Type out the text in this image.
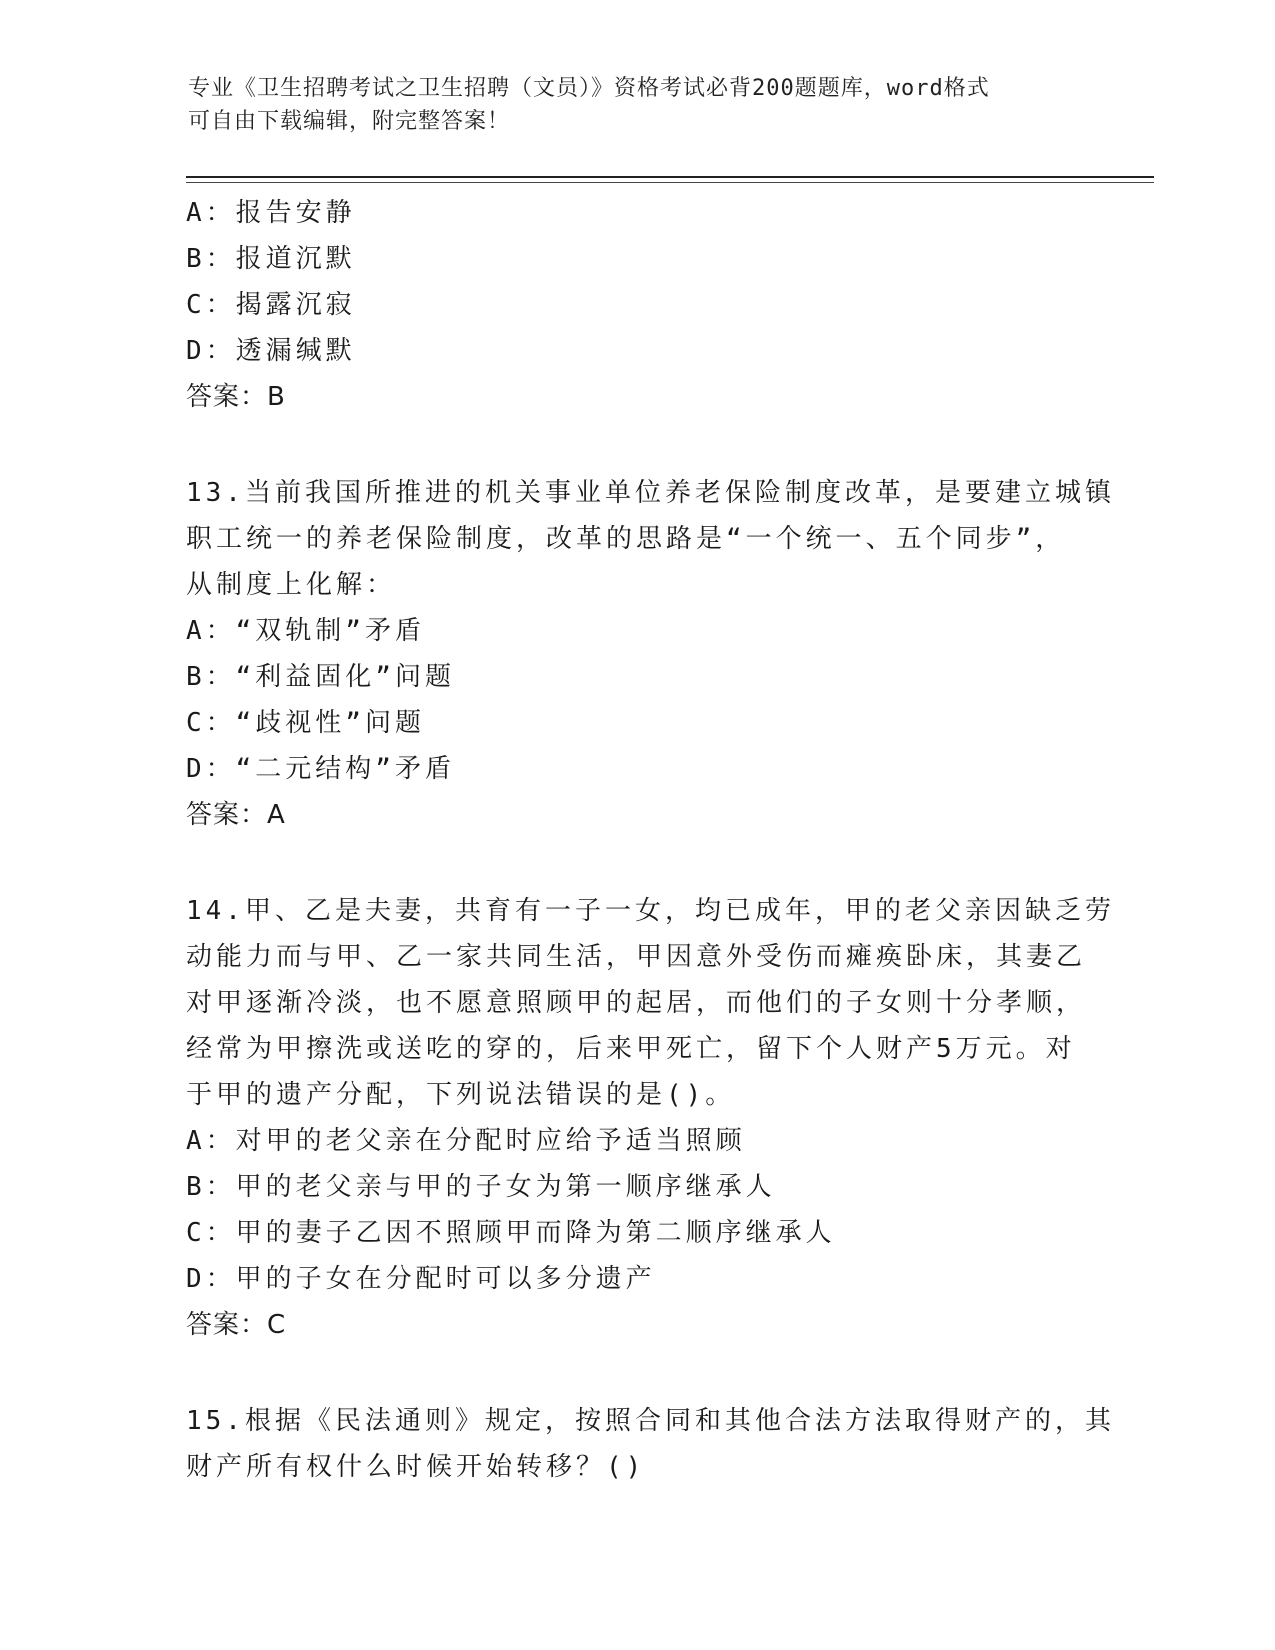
专业《卫生招聘考试之卫生招聘（文员）》资格考试必背200题题库，word格式
可自由下载编辑，附完整答案！
A：报告安静
B：报道沉默
C：揭露沉寂
D：透漏缄默
答案：B
13.当前我国所推进的机关事业单位养老保险制度改革，是要建立城镇
职工统一的养老保险制度，改革的思路是“一个统一、五个同步”，
从制度上化解：
A：“双轨制”矛盾
B：“利益固化”问题
C：“歧视性”问题
D：“二元结构”矛盾
答案：A
14.甲、乙是夫妻，共育有一子一女，均已成年，甲的老父亲因缺乏劳
动能力而与甲、乙一家共同生活，甲因意外受伤而瘫痪卧床，其妻乙
对甲逐渐冷淡，也不愿意照顾甲的起居，而他们的子女则十分孝顺，
经常为甲擦洗或送吃的穿的，后来甲死亡，留下个人财产5万元。对
于甲的遗产分配，下列说法错误的是()。
A：对甲的老父亲在分配时应给予适当照顾
B：甲的老父亲与甲的子女为第一顺序继承人
C：甲的妻子乙因不照顾甲而降为第二顺序继承人
D：甲的子女在分配时可以多分遗产
答案：C
15.根据《民法通则》规定，按照合同和其他合法方法取得财产的，其
财产所有权什么时候开始转移？()
